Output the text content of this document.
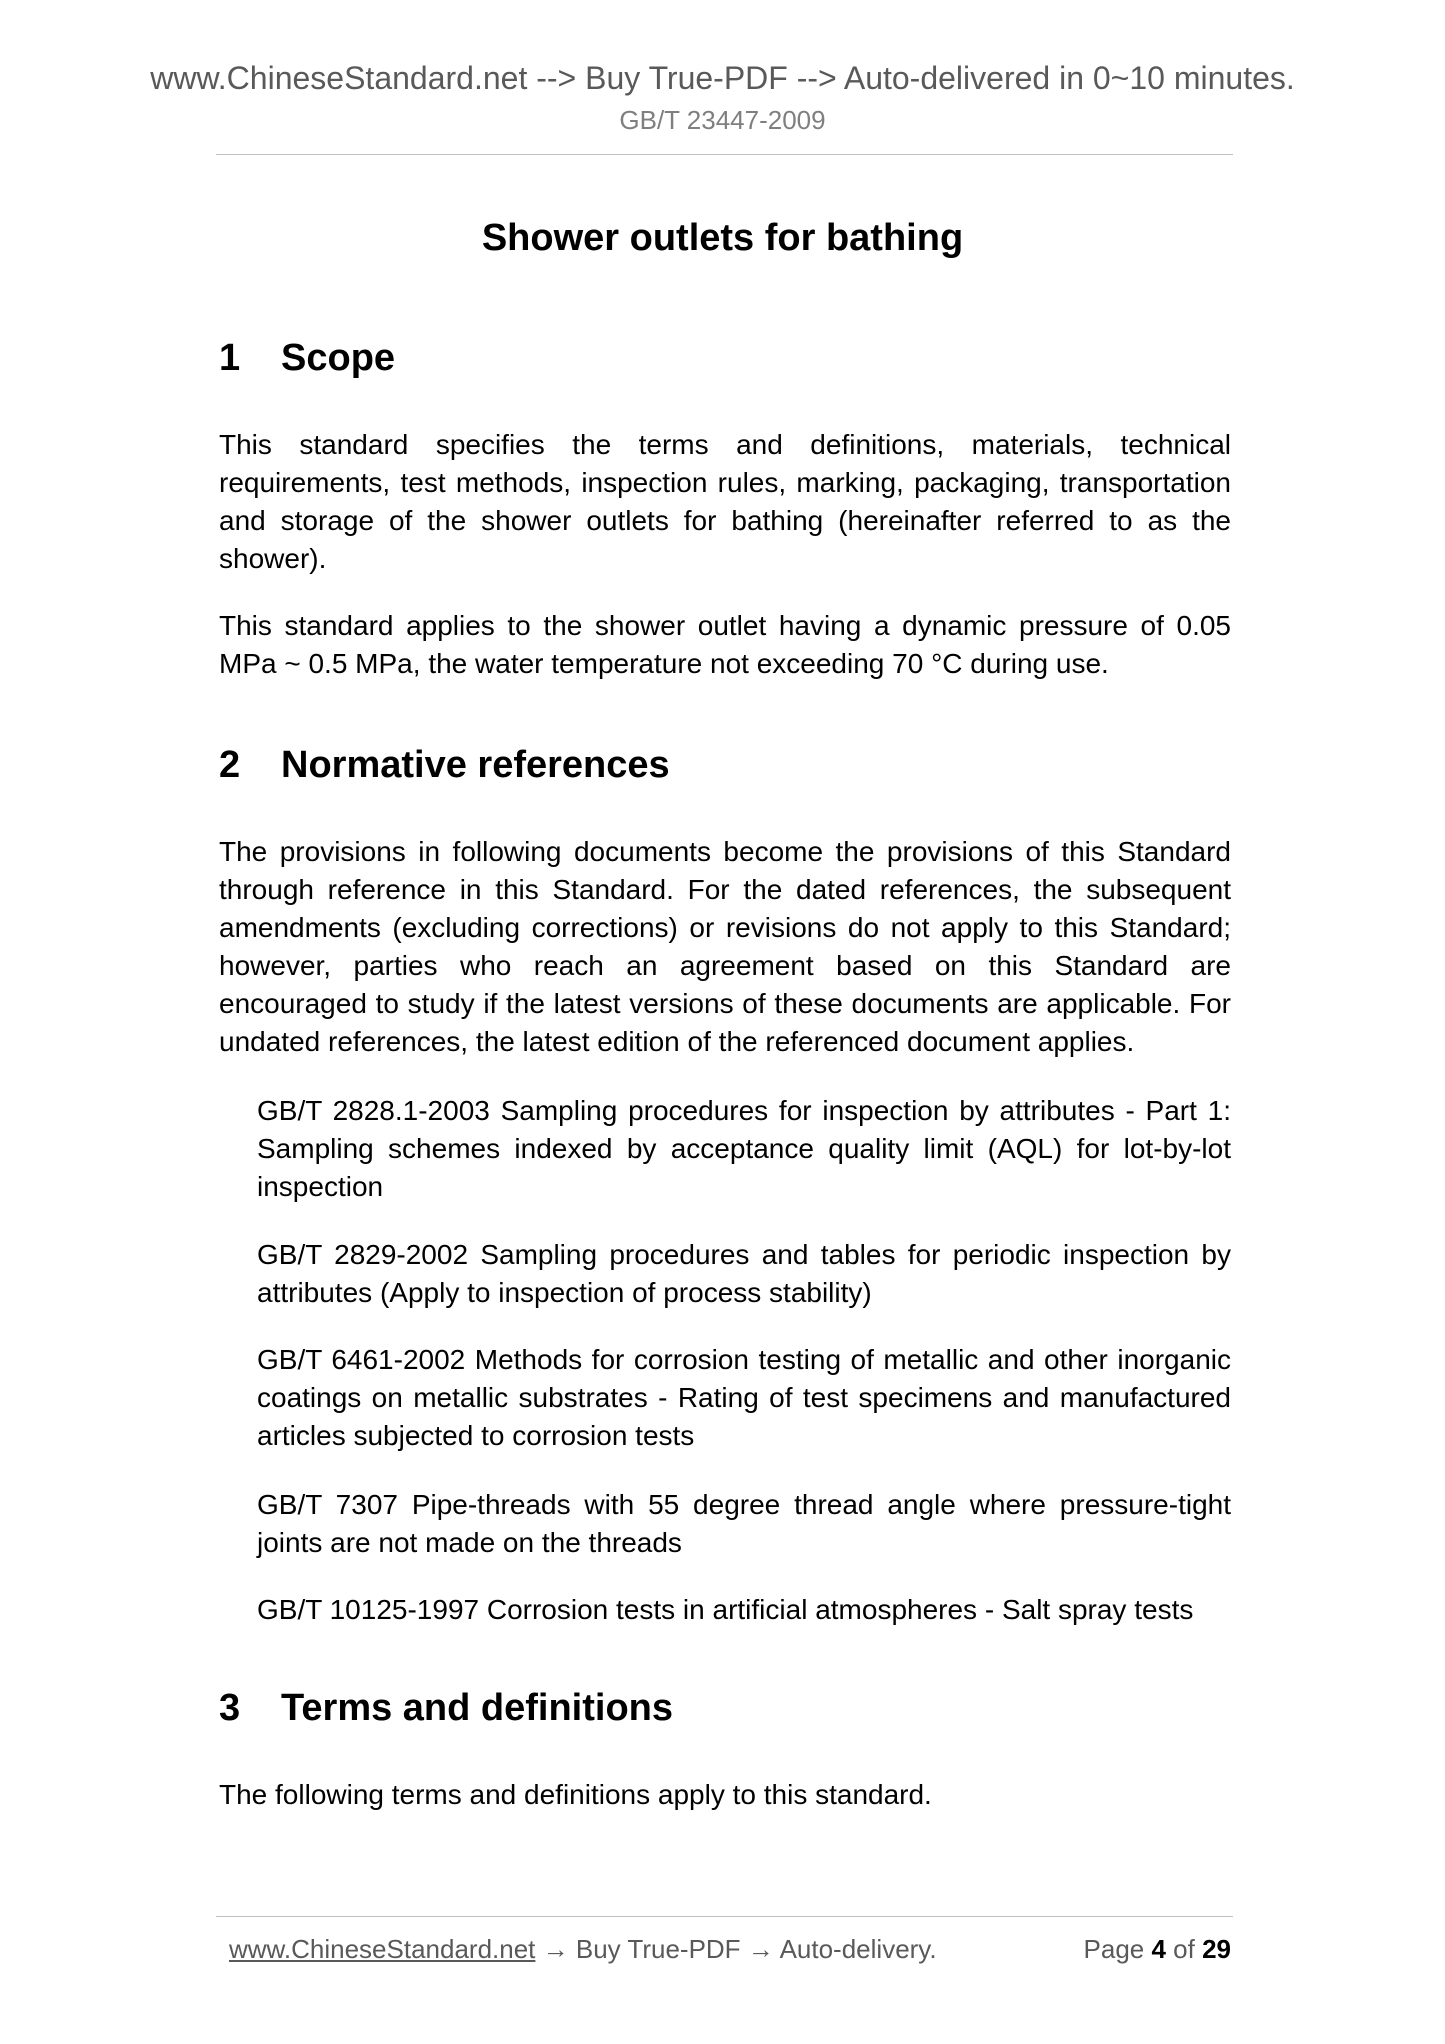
www.ChineseStandard.net --> Buy True-PDF --> Auto-delivered in 0~10 minutes.
GB/T 23447-2009
Shower outlets for bathing
1	Scope

This standard specifies the terms and definitions, materials, technical requirements, test methods, inspection rules, marking, packaging, transportation and storage of the shower outlets for bathing (hereinafter referred to as the shower).

This standard applies to the shower outlet having a dynamic pressure of 0.05 MPa ~ 0.5 MPa, the water temperature not exceeding 70 °C during use.

2	Normative references

The provisions in following documents become the provisions of this Standard through reference in this Standard. For the dated references, the subsequent amendments (excluding corrections) or revisions do not apply to this Standard; however, parties who reach an agreement based on this Standard are encouraged to study if the latest versions of these documents are applicable. For undated references, the latest edition of the referenced document applies.

GB/T 2828.1-2003 Sampling procedures for inspection by attributes - Part 1: Sampling schemes indexed by acceptance quality limit (AQL) for lot-by-lot inspection

GB/T 2829-2002 Sampling procedures and tables for periodic inspection by attributes (Apply to inspection of process stability)

GB/T 6461-2002 Methods for corrosion testing of metallic and other inorganic coatings on metallic substrates - Rating of test specimens and manufactured articles subjected to corrosion tests

GB/T 7307 Pipe-threads with 55 degree thread angle where pressure-tight joints are not made on the threads

GB/T 10125-1997 Corrosion tests in artificial atmospheres - Salt spray tests

3	Terms and definitions

The following terms and definitions apply to this standard.

www.ChineseStandard.net → Buy True-PDF → Auto-delivery.	Page 4 of 29
